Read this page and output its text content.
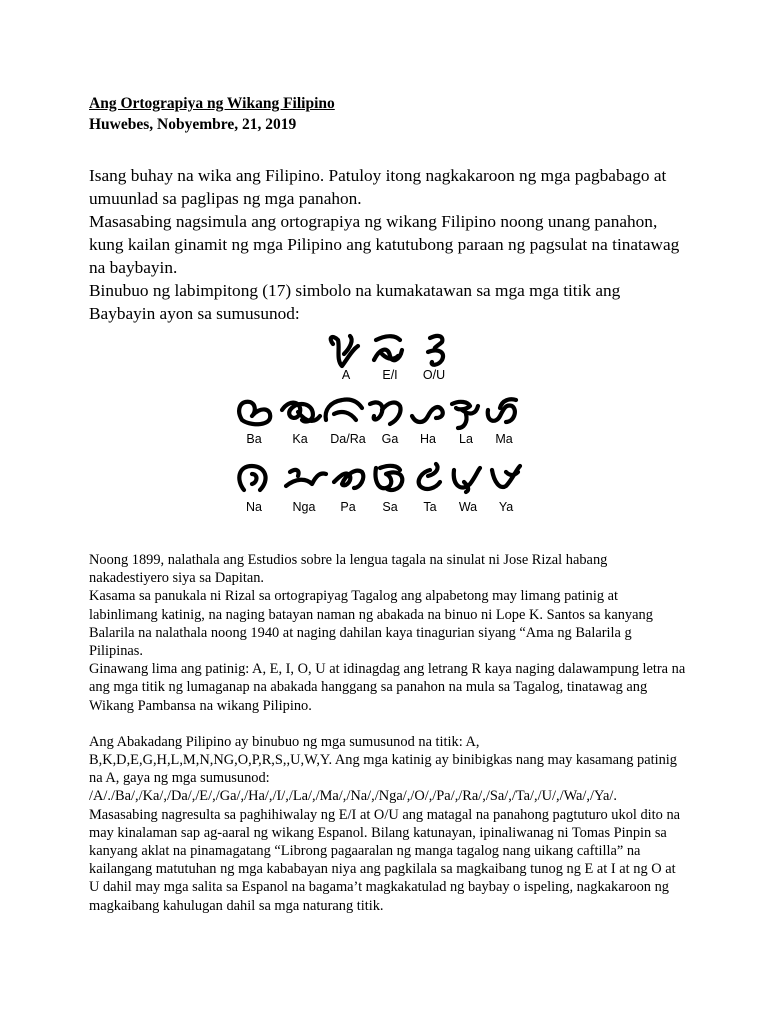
Ang Ortograpiya ng Wikang Filipino
Huwebes, Nobyembre, 21, 2019

Isang buhay na wika ang Filipino. Patuloy itong nagkakaroon ng mga pagbabago at umuunlad sa paglipas ng mga panahon.

Masasabing nagsimula ang ortograpiya ng wikang Filipino noong unang panahon, kung kailan ginamit ng mga Pilipino ang katutubong paraan ng pagsulat na tinatawag na baybayin.

Binubuo ng labimpitong (17) simbolo na kumakatawan sa mga mga titik ang Baybayin ayon sa sumusunod:

A	E/I O/U
Ba Ka Da/Ra Ga Ha La Ma
Na Nga Pa Sa Ta Wa Ya

Noong 1899, nalathala ang Estudios sobre la lengua tagala na sinulat ni Jose Rizal habang nakadestiyero siya sa Dapitan.

Kasama sa panukala ni Rizal sa ortograpiyag Tagalog ang alpabetong may limang patinig at labinlimang katinig, na naging batayan naman ng abakada na binuo ni Lope K. Santos sa kanyang Balarila na nalathala noong 1940 at naging dahilan kaya tinagurian siyang “Ama ng Balarila g Pilipinas.

Ginawang lima ang patinig: A, E, I, O, U at idinagdag ang letrang R kaya naging dalawampung letra na ang mga titik ng lumaganap na abakada hanggang sa panahon na mula sa Tagalog, tinatawag ang Wikang Pambansa na wikang Pilipino.

Ang Abakadang Pilipino ay binubuo ng mga sumusunod na titik: A, B,K,D,E,G,H,L,M,N,NG,O,P,R,S,,U,W,Y. Ang mga katinig ay binibigkas nang may kasamang patinig na A, gaya ng mga sumusunod:

/A/./Ba/,/Ka/,/Da/,/E/,/Ga/,/Ha/,/I/,/La/,/Ma/,/Na/,/Nga/,/O/,/Pa/,/Ra/,/Sa/,/Ta/,/U/,/Wa/,/Ya/.

Masasabing nagresulta sa paghihiwalay ng E/I at O/U ang matagal na panahong pagtuturo ukol dito na may kinalaman sap ag-aaral ng wikang Espanol. Bilang katunayan, ipinaliwanag ni Tomas Pinpin sa kanyang aklat na pinamagatang “Librong pagaaralan ng manga tagalog nang uikang caftilla” na kailangang matutuhan ng mga kababayan niya ang pagkilala sa magkaibang tunog ng E at I at ng O at U dahil may mga salita sa Espanol na bagama’t magkakatulad ng baybay o ispeling, nagkakaroon ng magkaibang kahulugan dahil sa mga naturang titik.
